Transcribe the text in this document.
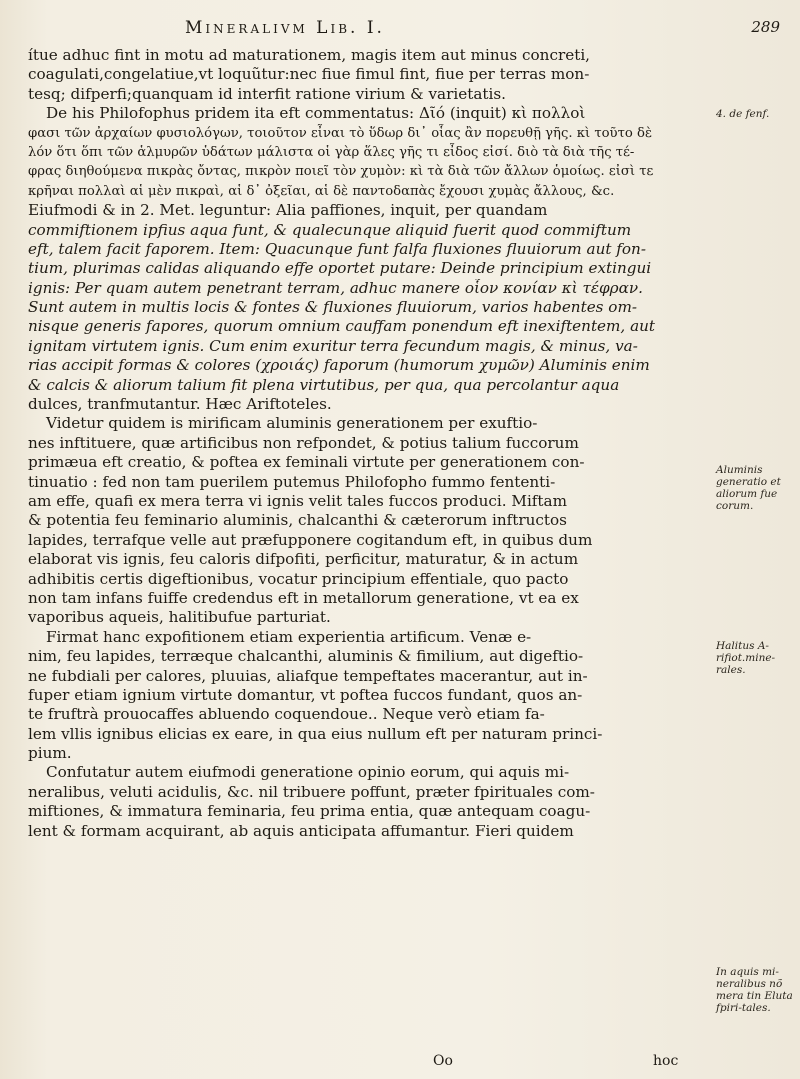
Mineralivm Lib. I.	289
ítue adhuc fint in motu ad maturationem, magis item aut minus concreti,
coagulati,congelatiue,vt loquũtur:nec fiue fimul fint, fiue per terras mon-
tesq; difperfi;quanquam id interfit ratione virium & varietatis.
De his Philofophus pridem ita eft commentatus: Δῖό (inquit) κὶ πολλοὶ
φασι τῶν ἀρχαίων φυσιολόγων, τοιοῦτον εἶναι τὸ ὕδωρ δι᾿ οἷας ἂν πορευθῇ γῆς. κὶ τοῦτο δὲ
λόν ὅτι ὅπι τῶν ἁλμυρῶν ὑδάτων μάλιστα οἱ γὰρ ἅλες γῆς τι εἶδος εἰσί. διὸ τὰ διὰ τῆς τέ-
φρας διηθούμενα πικρὰς ὄντας, πικρὸν ποιεῖ τὸν χυμὸν: κὶ τὰ διὰ τῶν ἄλλων ὁμοίως. εἰσὶ τε
κρῆναι πολλαὶ αἱ μὲν πικραὶ, αἱ δ᾿ ὀξεῖαι, αἱ δὲ παντοδαπὰς ἔχουσι χυμὰς ἄλλους, &c.
Eiufmodi & in 2. Met. leguntur: Alia paffiones, inquit, per quandam
commiftionem ipfius aqua funt, & qualecunque aliquid fuerit quod commiftum
eft, talem facit faporem. Item: Quacunque funt falfa fluxiones fluuiorum aut fon-
tium, plurimas calidas aliquando effe oportet putare: Deinde principium extingui
ignis: Per quam autem penetrant terram, adhuc manere οἷον κονίαν κὶ τέφραν.
Sunt autem in multis locis & fontes & fluxiones fluuiorum, varios habentes om-
nisque generis fapores, quorum omnium cauffam ponendum eft inexiftentem, aut
ignitam virtutem ignis. Cum enim exuritur terra fecundum magis, & minus, va-
rias accipit formas & colores (χροιάς) faporum (humorum χυμῶν) Aluminis enim
& calcis & aliorum talium fit plena virtutibus, per qua, qua percolantur aqua
dulces, tranfmutantur. Hæc Ariftoteles.
Videtur quidem is mirificam aluminis generationem per exuftio-
nes inftituere, quæ artificibus non refpondet, & potius talium fuccorum
primæua eft creatio, & poftea ex feminali virtute per generationem con-
tinuatio : fed non tam puerilem putemus Philofopho fummo fententi-
am effe, quafi ex mera terra vi ignis velit tales fuccos produci. Miftam
& potentia feu feminario aluminis, chalcanthi & cæterorum inftructos
lapides, terrafque velle aut præfupponere cogitandum eft, in quibus dum
elaborat vis ignis, feu caloris difpofiti, perficitur, maturatur, & in actum
adhibitis certis digeftionibus, vocatur principium effentiale, quo pacto
non tam infans fuiffe credendus eft in metallorum generatione, vt ea ex
vaporibus aqueis, halitibufue parturiat.
Firmat hanc expofitionem etiam experientia artificum. Venæ e-
nim, feu lapides, terræque chalcanthi, aluminis & fimilium, aut digeftio-
ne fubdiali per calores, pluuias, aliafque tempeftates macerantur, aut in-
fuper etiam ignium virtute domantur, vt poftea fuccos fundant, quos an-
te fruftrà prouocaffes abluendo coquendoue.. Neque verò etiam fa-
lem vllis ignibus elicias ex eare, in qua eius nullum eft per naturam princi-
pium.
Confutatur autem eiufmodi generatione opinio eorum, qui aquis mi-
neralibus, veluti acidulis, &c. nil tribuere poffunt, præter fpirituales com-
miftiones, & immatura feminaria, feu prima entia, quæ antequam coagu-
lent & formam acquirant, ab aquis anticipata affumantur. Fieri quidem
4. de fenf.
Aluminis generatio et aliorum fue corum.
Halitus A-rifiot.mine-rales.
In aquis mi-neralibus nõ mera tin Eluta fpiri-tales.
Oo	hoc
